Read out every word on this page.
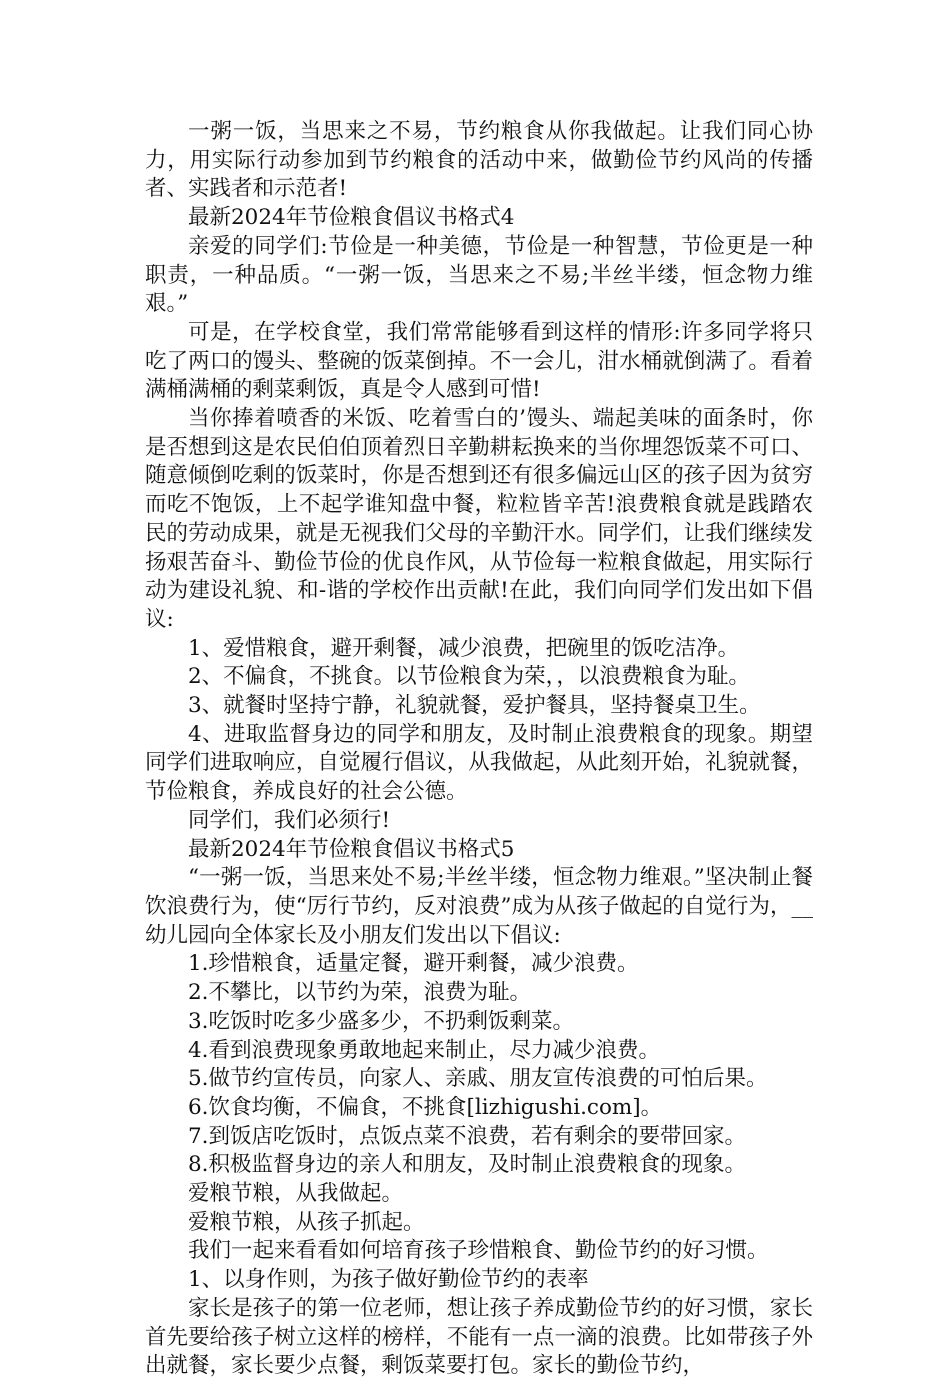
一粥一饭，当思来之不易，节约粮食从你我做起。让我们同心协力，用实际行动参加到节约粮食的活动中来，做勤俭节约风尚的传播者、实践者和示范者!

最新2024年节俭粮食倡议书格式4

亲爱的同学们:节俭是一种美德，节俭是一种智慧，节俭更是一种职责，一种品质。“一粥一饭，当思来之不易;半丝半缕，恒念物力维艰。”

可是，在学校食堂，我们常常能够看到这样的情形:许多同学将只吃了两口的馒头、整碗的饭菜倒掉。不一会儿，泔水桶就倒满了。看着满桶满桶的剩菜剩饭，真是令人感到可惜!

当你捧着喷香的米饭、吃着雪白的’馒头、端起美味的面条时，你是否想到这是农民伯伯顶着烈日辛勤耕耘换来的当你埋怨饭菜不可口、随意倾倒吃剩的饭菜时，你是否想到还有很多偏远山区的孩子因为贫穷而吃不饱饭，上不起学谁知盘中餐，粒粒皆辛苦!浪费粮食就是践踏农民的劳动成果，就是无视我们父母的辛勤汗水。同学们，让我们继续发扬艰苦奋斗、勤俭节俭的优良作风，从节俭每一粒粮食做起，用实际行动为建设礼貌、和-谐的学校作出贡献!在此，我们向同学们发出如下倡议:

1、爱惜粮食，避开剩餐，减少浪费，把碗里的饭吃洁净。

2、不偏食，不挑食。以节俭粮食为荣，，以浪费粮食为耻。

3、就餐时坚持宁静，礼貌就餐，爱护餐具，坚持餐桌卫生。

4、进取监督身边的同学和朋友，及时制止浪费粮食的现象。期望同学们进取响应，自觉履行倡议，从我做起，从此刻开始，礼貌就餐，节俭粮食，养成良好的社会公德。

同学们，我们必须行!

最新2024年节俭粮食倡议书格式5

“一粥一饭，当思来处不易;半丝半缕，恒念物力维艰。”坚决制止餐饮浪费行为，使“厉行节约，反对浪费”成为从孩子做起的自觉行为，__幼儿园向全体家长及小朋友们发出以下倡议:

1.珍惜粮食，适量定餐，避开剩餐，减少浪费。

2.不攀比，以节约为荣，浪费为耻。

3.吃饭时吃多少盛多少，不扔剩饭剩菜。

4.看到浪费现象勇敢地起来制止，尽力减少浪费。

5.做节约宣传员，向家人、亲戚、朋友宣传浪费的可怕后果。

6.饮食均衡，不偏食，不挑食[lizhigushi.com]。

7.到饭店吃饭时，点饭点菜不浪费，若有剩余的要带回家。

8.积极监督身边的亲人和朋友，及时制止浪费粮食的现象。

爱粮节粮，从我做起。

爱粮节粮，从孩子抓起。

我们一起来看看如何培育孩子珍惜粮食、勤俭节约的好习惯。

1、以身作则，为孩子做好勤俭节约的表率

家长是孩子的第一位老师，想让孩子养成勤俭节约的好习惯，家长首先要给孩子树立这样的榜样，不能有一点一滴的浪费。比如带孩子外出就餐，家长要少点餐，剩饭菜要打包。家长的勤俭节约，
